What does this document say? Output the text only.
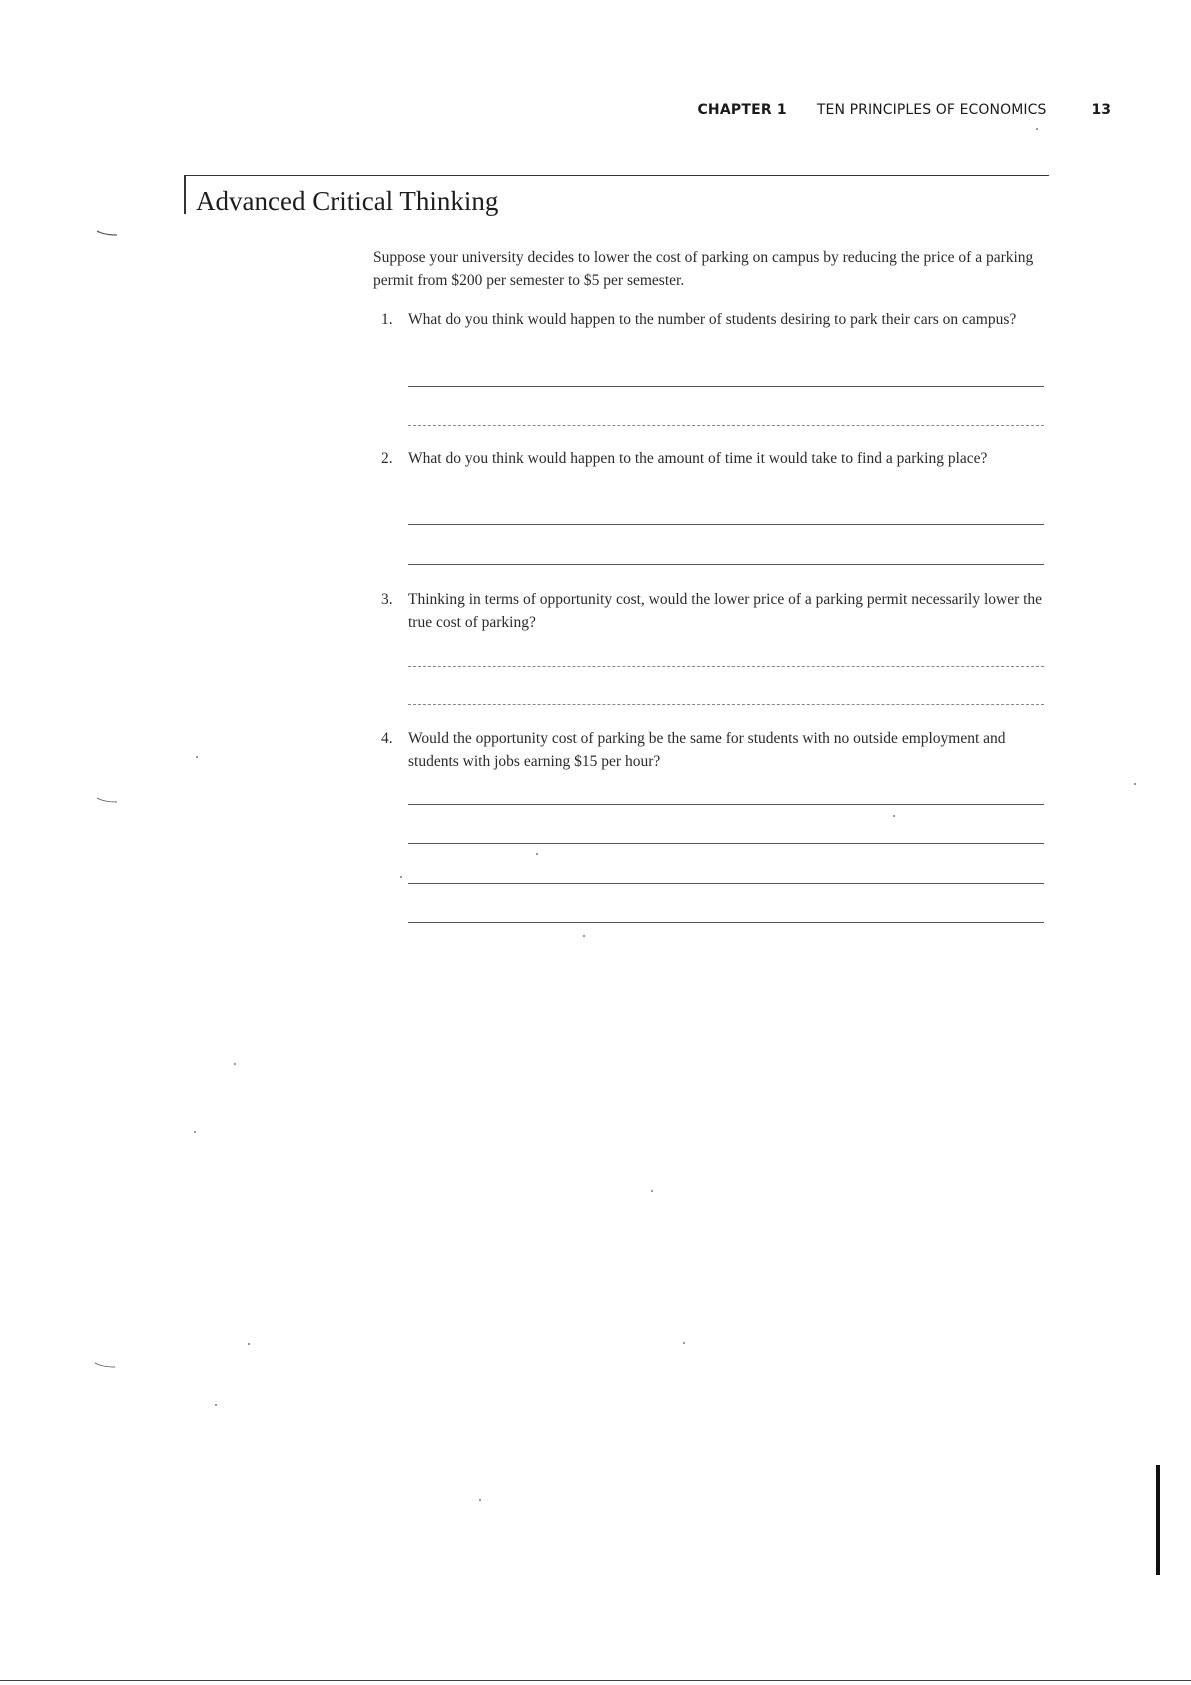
CHAPTER 1 TEN PRINCIPLES OF ECONOMICS	13
Advanced Critical Thinking

Suppose your university decides to lower the cost of parking on campus by reducing the price of a parking permit from $200 per semester to $5 per semester.

1. What do you think would happen to the number of students desiring to park their cars on campus?

2. What do you think would happen to the amount of time it would take to find a parking place?

3. Thinking in terms of opportunity cost, would the lower price of a parking permit necessarily lower the true cost of parking?

4. Would the opportunity cost of parking be the same for students with no outside employment and students with jobs earning $15 per hour?
